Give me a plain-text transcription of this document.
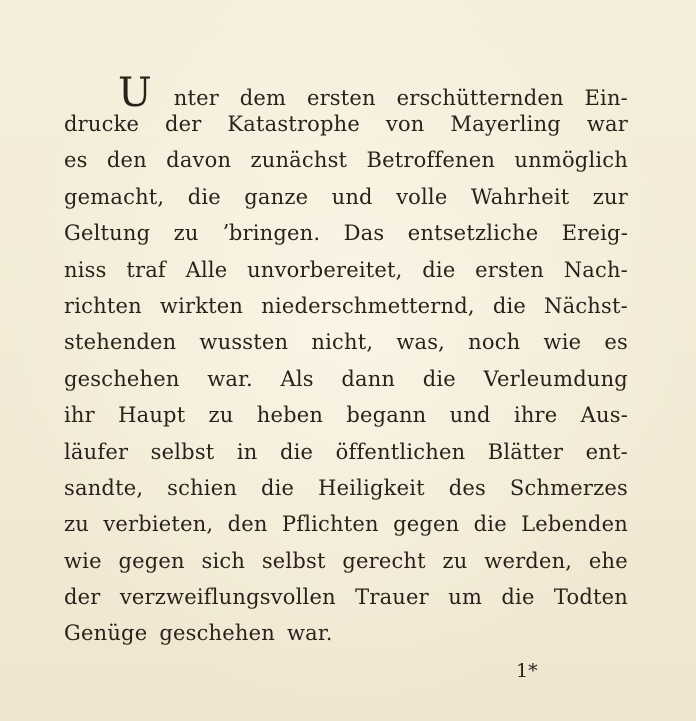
U nter dem ersten erschütternden Ein-
drucke der Katastrophe von Mayerling war
es den davon zunächst Betroffenen unmöglich
gemacht, die ganze und volle Wahrheit zur
Geltung zu ʼbringen. Das entsetzliche Ereig-
niss traf Alle unvorbereitet, die ersten Nach-
richten wirkten niederschmetternd, die Nächst-
stehenden wussten nicht, was, noch wie es
geschehen war. Als dann die Verleumdung
ihr Haupt zu heben begann und ihre Aus-
läufer selbst in die öffentlichen Blätter ent-
sandte, schien die Heiligkeit des Schmerzes
zu verbieten, den Pflichten gegen die Lebenden
wie gegen sich selbst gerecht zu werden, ehe
der verzweiflungsvollen Trauer um die Todten
Genüge geschehen war.
1*
